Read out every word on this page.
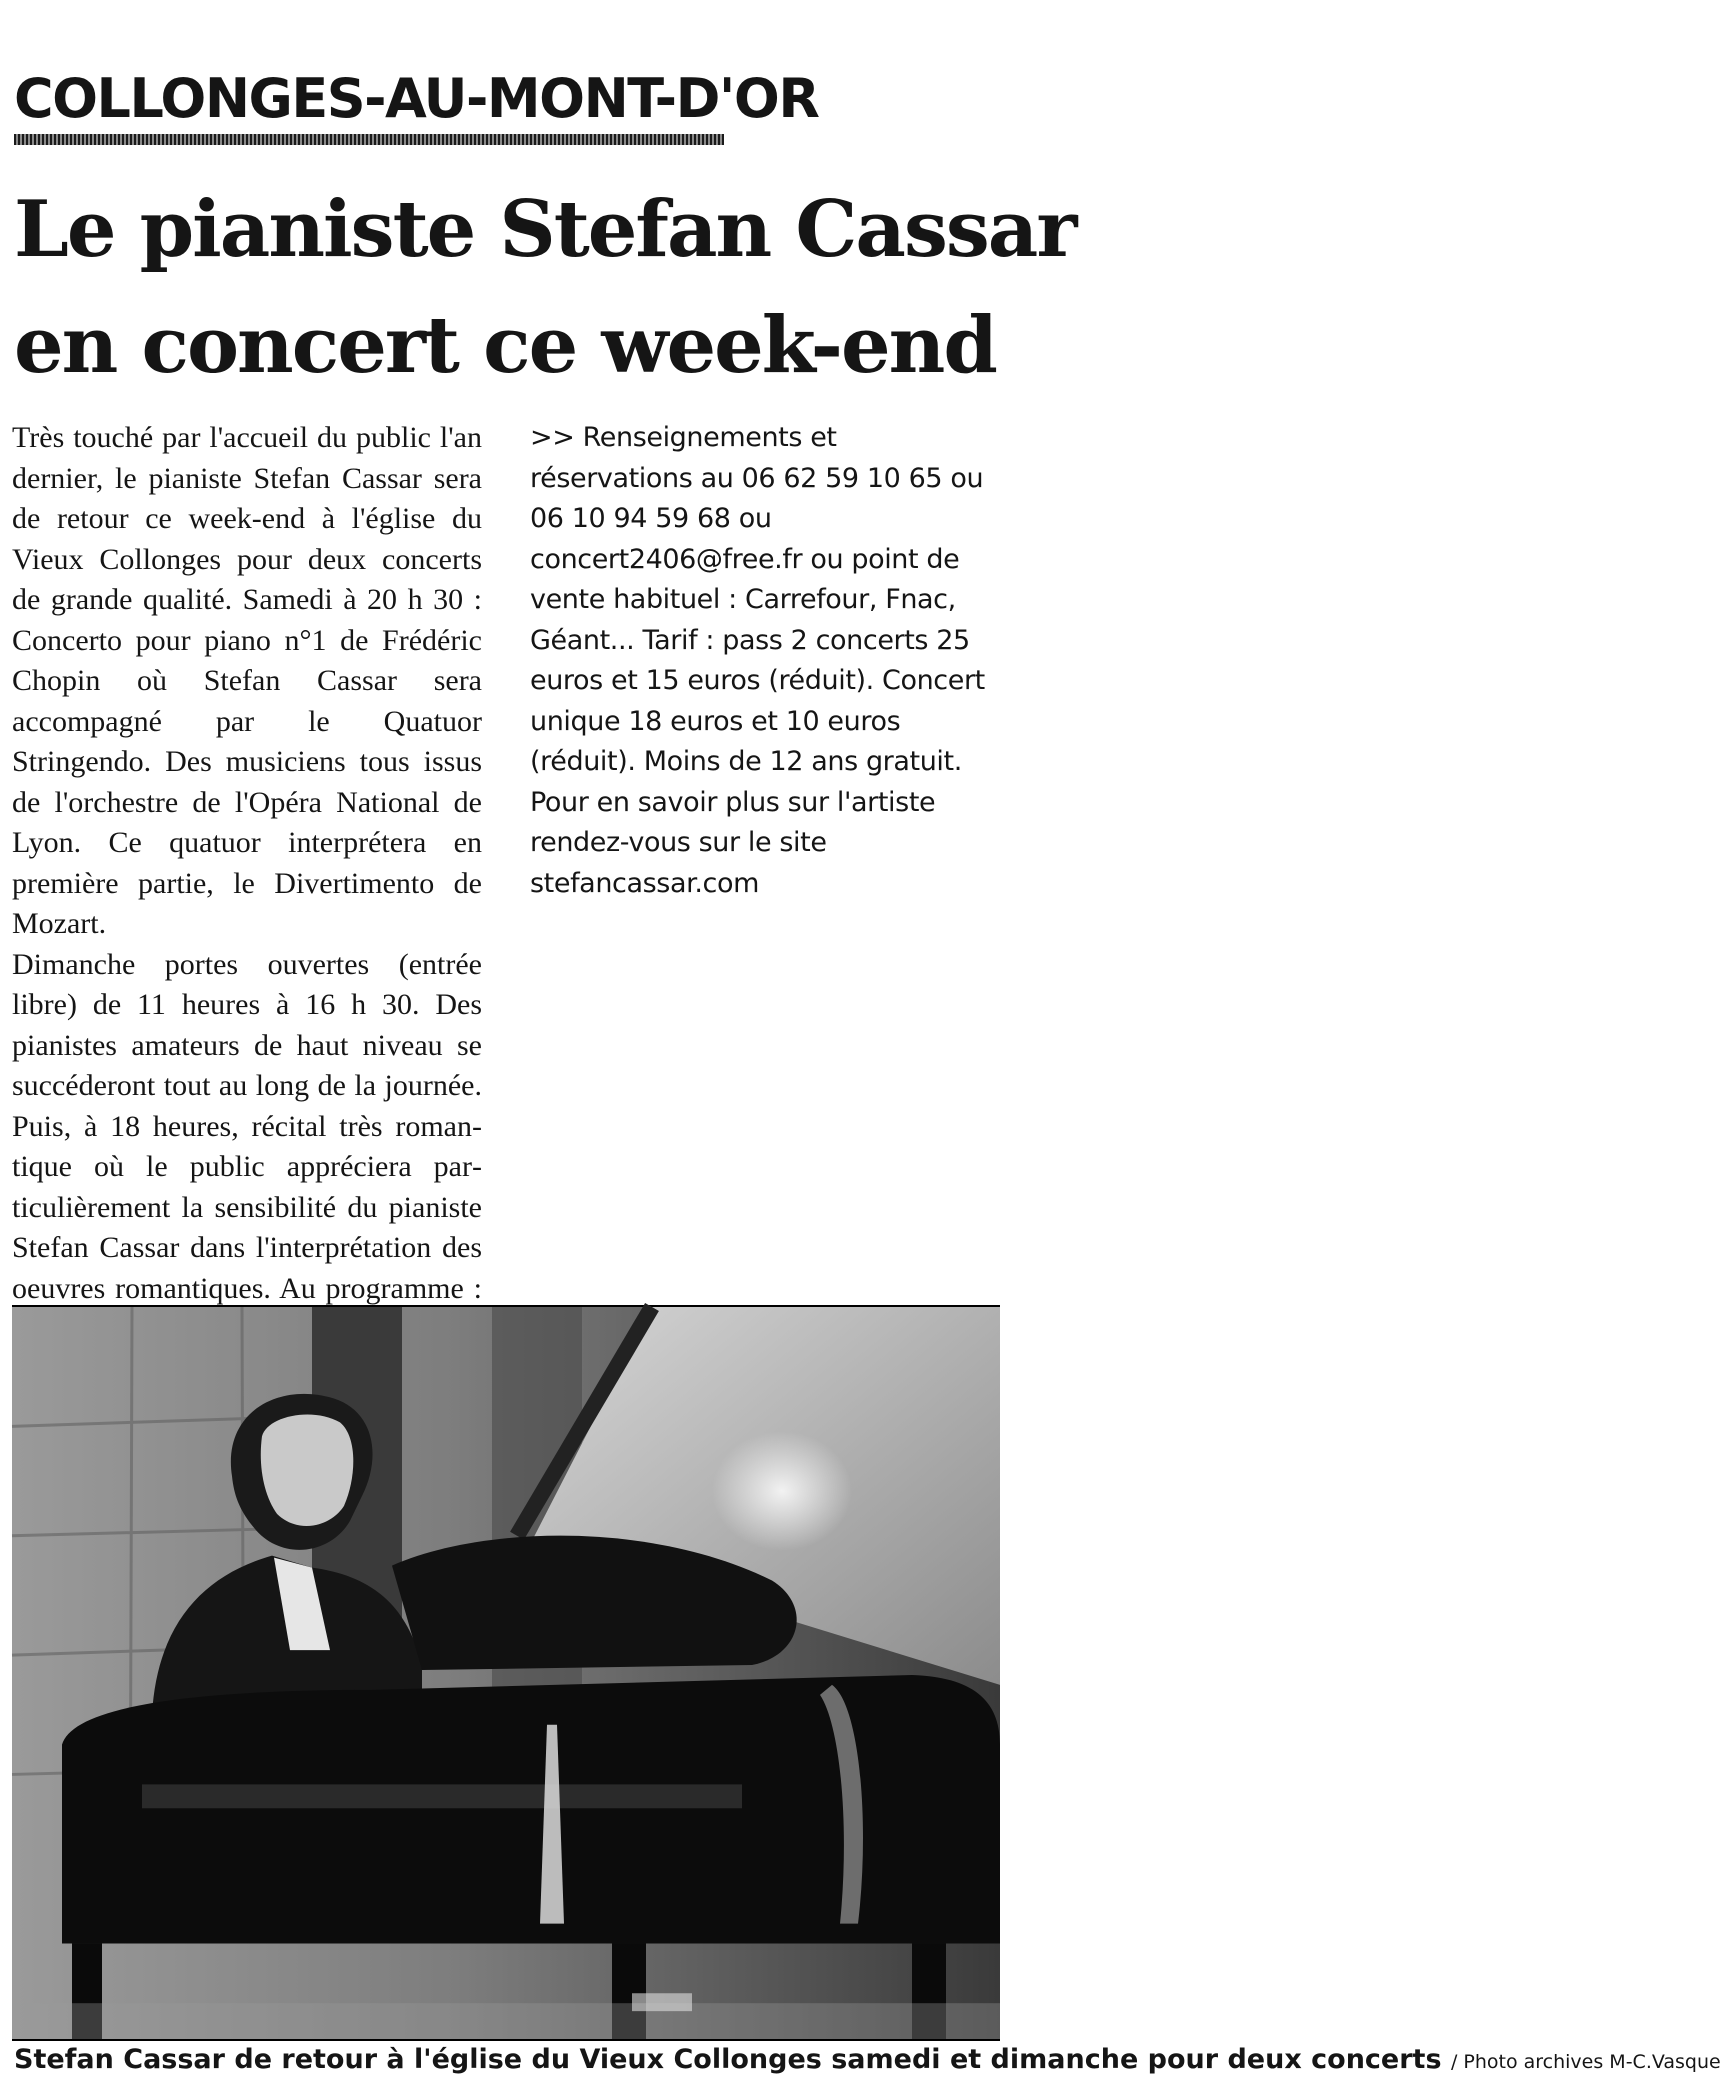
COLLONGES-AU-MONT-D'OR
Le pianiste Stefan Cassar
en concert ce week-end
Très touché par l'accueil du public l'an dernier, le pianiste Stefan Cassar sera de retour ce week-end à l'église du Vieux Collonges pour deux concerts de grande qualité. Samedi à 20 h 30 : Concerto pour piano n°1 de Frédéric Chopin où Stefan Cassar sera accompagné par le Quatuor Stringendo. Des musiciens tous issus de l'orchestre de l'Opéra National de Lyon. Ce quatuor interprétera en première partie, le Divertimento de Mozart.
Dimanche portes ouvertes (entrée libre) de 11 heures à 16 h 30. Des pianistes amateurs de haut niveau se succéderont tout au long de la journée. Puis, à 18 heures, récital très romantique où le public appréciera particulièrement la sensibilité du pianiste Stefan Cassar dans l'interprétation des oeuvres romantiques. Au programme :

>> Renseignements et réservations au 06 62 59 10 65 ou 06 10 94 59 68 ou concert2406@free.fr ou point de vente habituel : Carrefour, Fnac, Géant... Tarif : pass 2 concerts 25 euros et 15 euros (réduit). Concert unique 18 euros et 10 euros (réduit). Moins de 12 ans gratuit. Pour en savoir plus sur l'artiste rendez-vous sur le site stefancassar.com

Stefan Cassar de retour à l'église du Vieux Collonges samedi et dimanche pour deux concerts / Photo archives M-C.Vasque
